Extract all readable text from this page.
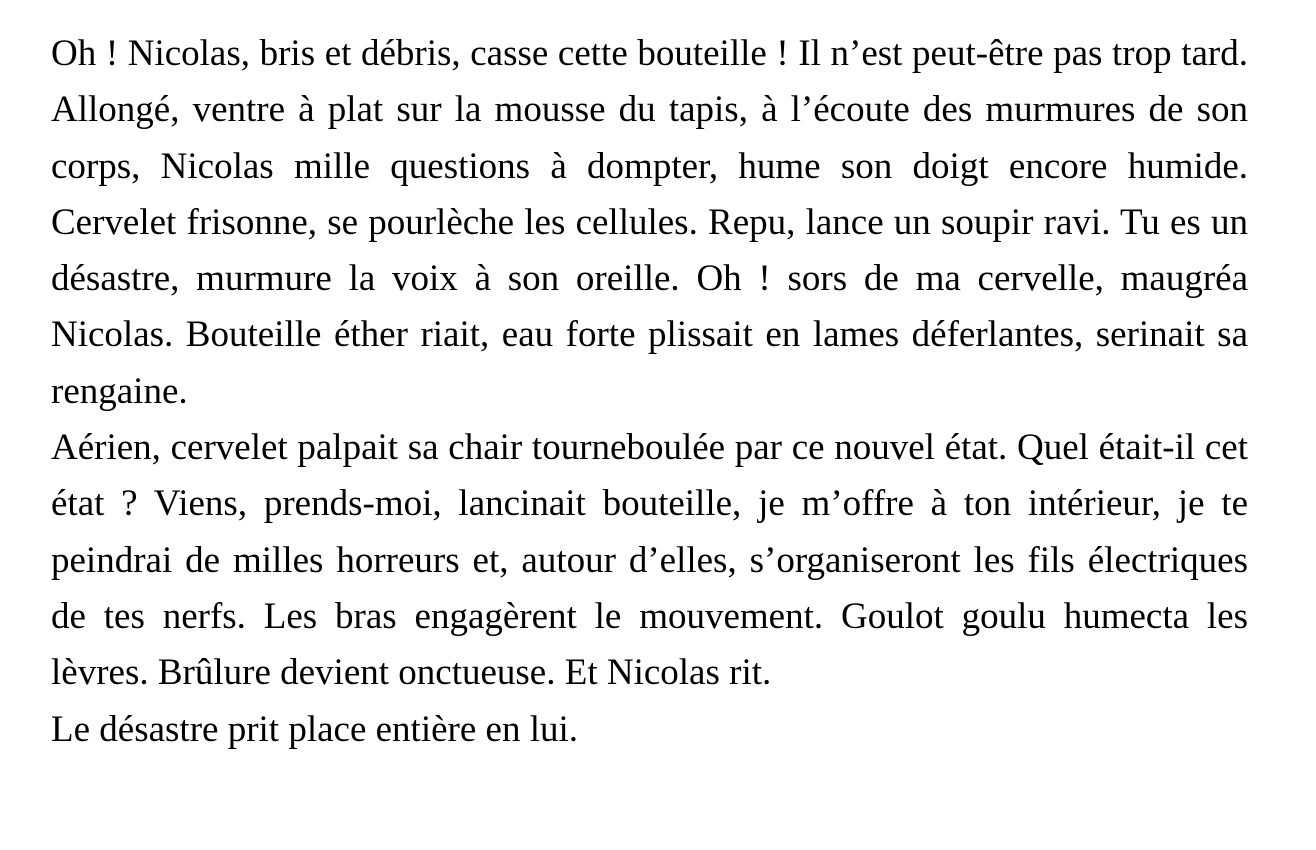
Oh ! Nicolas, bris et débris, casse cette bouteille ! Il n’est peut-être pas trop tard. Allongé, ventre à plat sur la mousse du tapis, à l’écoute des murmures de son corps, Nicolas mille questions à dompter, hume son doigt encore humide. Cervelet frisonne, se pourlèche les cellules. Repu, lance un soupir ravi. Tu es un désastre, murmure la voix à son oreille. Oh ! sors de ma cervelle, maugréa Nicolas. Bouteille éther riait, eau forte plissait en lames déferlantes, serinait sa rengaine.

Aérien, cervelet palpait sa chair tourneboulée par ce nouvel état. Quel était-il cet état ? Viens, prends-moi, lancinait bouteille, je m’offre à ton intérieur, je te peindrai de milles horreurs et, autour d’elles, s’organiseront les fils électriques de tes nerfs. Les bras engagèrent le mouvement. Goulot goulu humecta les lèvres. Brûlure devient onctueuse. Et Nicolas rit.

Le désastre prit place entière en lui.
